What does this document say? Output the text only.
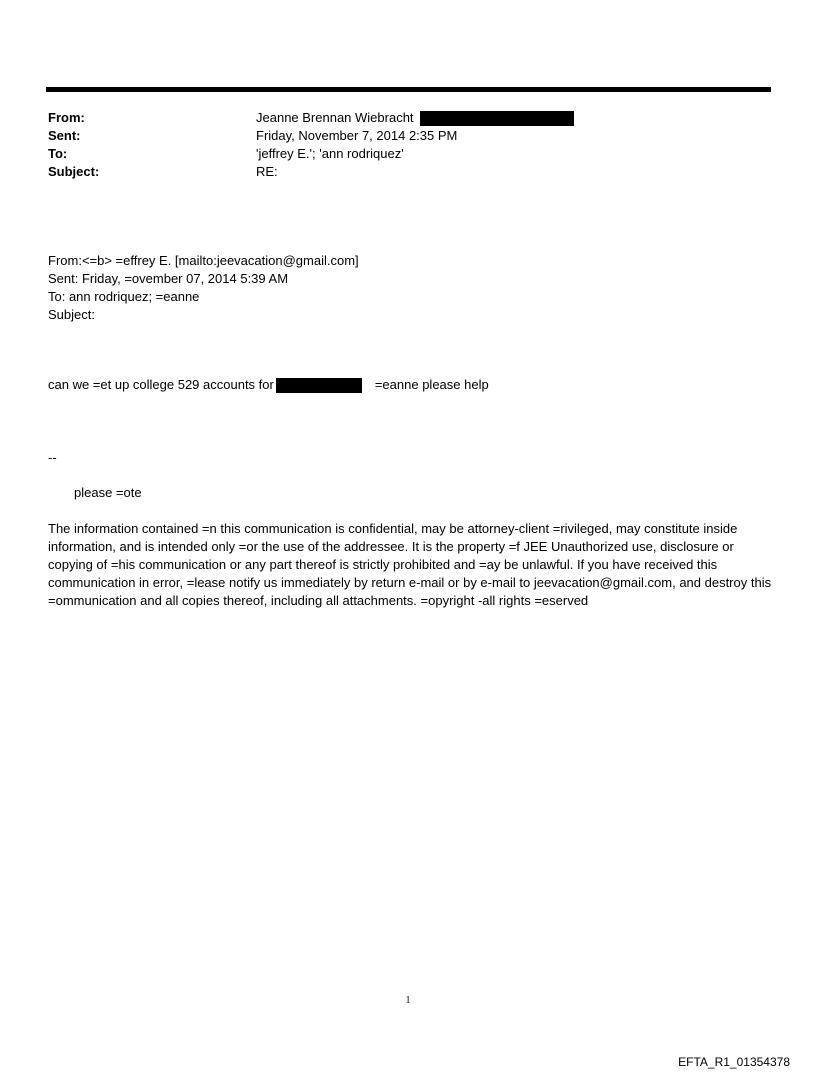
From:	Jeanne Brennan Wiebracht
Sent:	Friday, November 7, 2014 2:35 PM
To:	'jeffrey E.'; 'ann rodriquez'
Subject:	RE:
From:<=b> =effrey E. [mailto:jeevacation@gmail.com]
Sent: Friday, =ovember 07, 2014 5:39 AM
To: ann rodriquez; =eanne
Subject:
can we =et up college 529 accounts for	=eanne please help
--
please =ote
The information contained =n this communication is confidential, may be attorney-client =rivileged, may constitute inside information, and is intended only =or the use of the addressee. It is the property =f JEE Unauthorized use, disclosure or copying of =his communication or any part thereof is strictly prohibited and =ay be unlawful. If you have received this communication in error, =lease notify us immediately by return e-mail or by e-mail to jeevacation@gmail.com, and destroy this =ommunication and all copies thereof, including all attachments. =opyright -all rights =eserved
1
EFTA_R1_01354378
